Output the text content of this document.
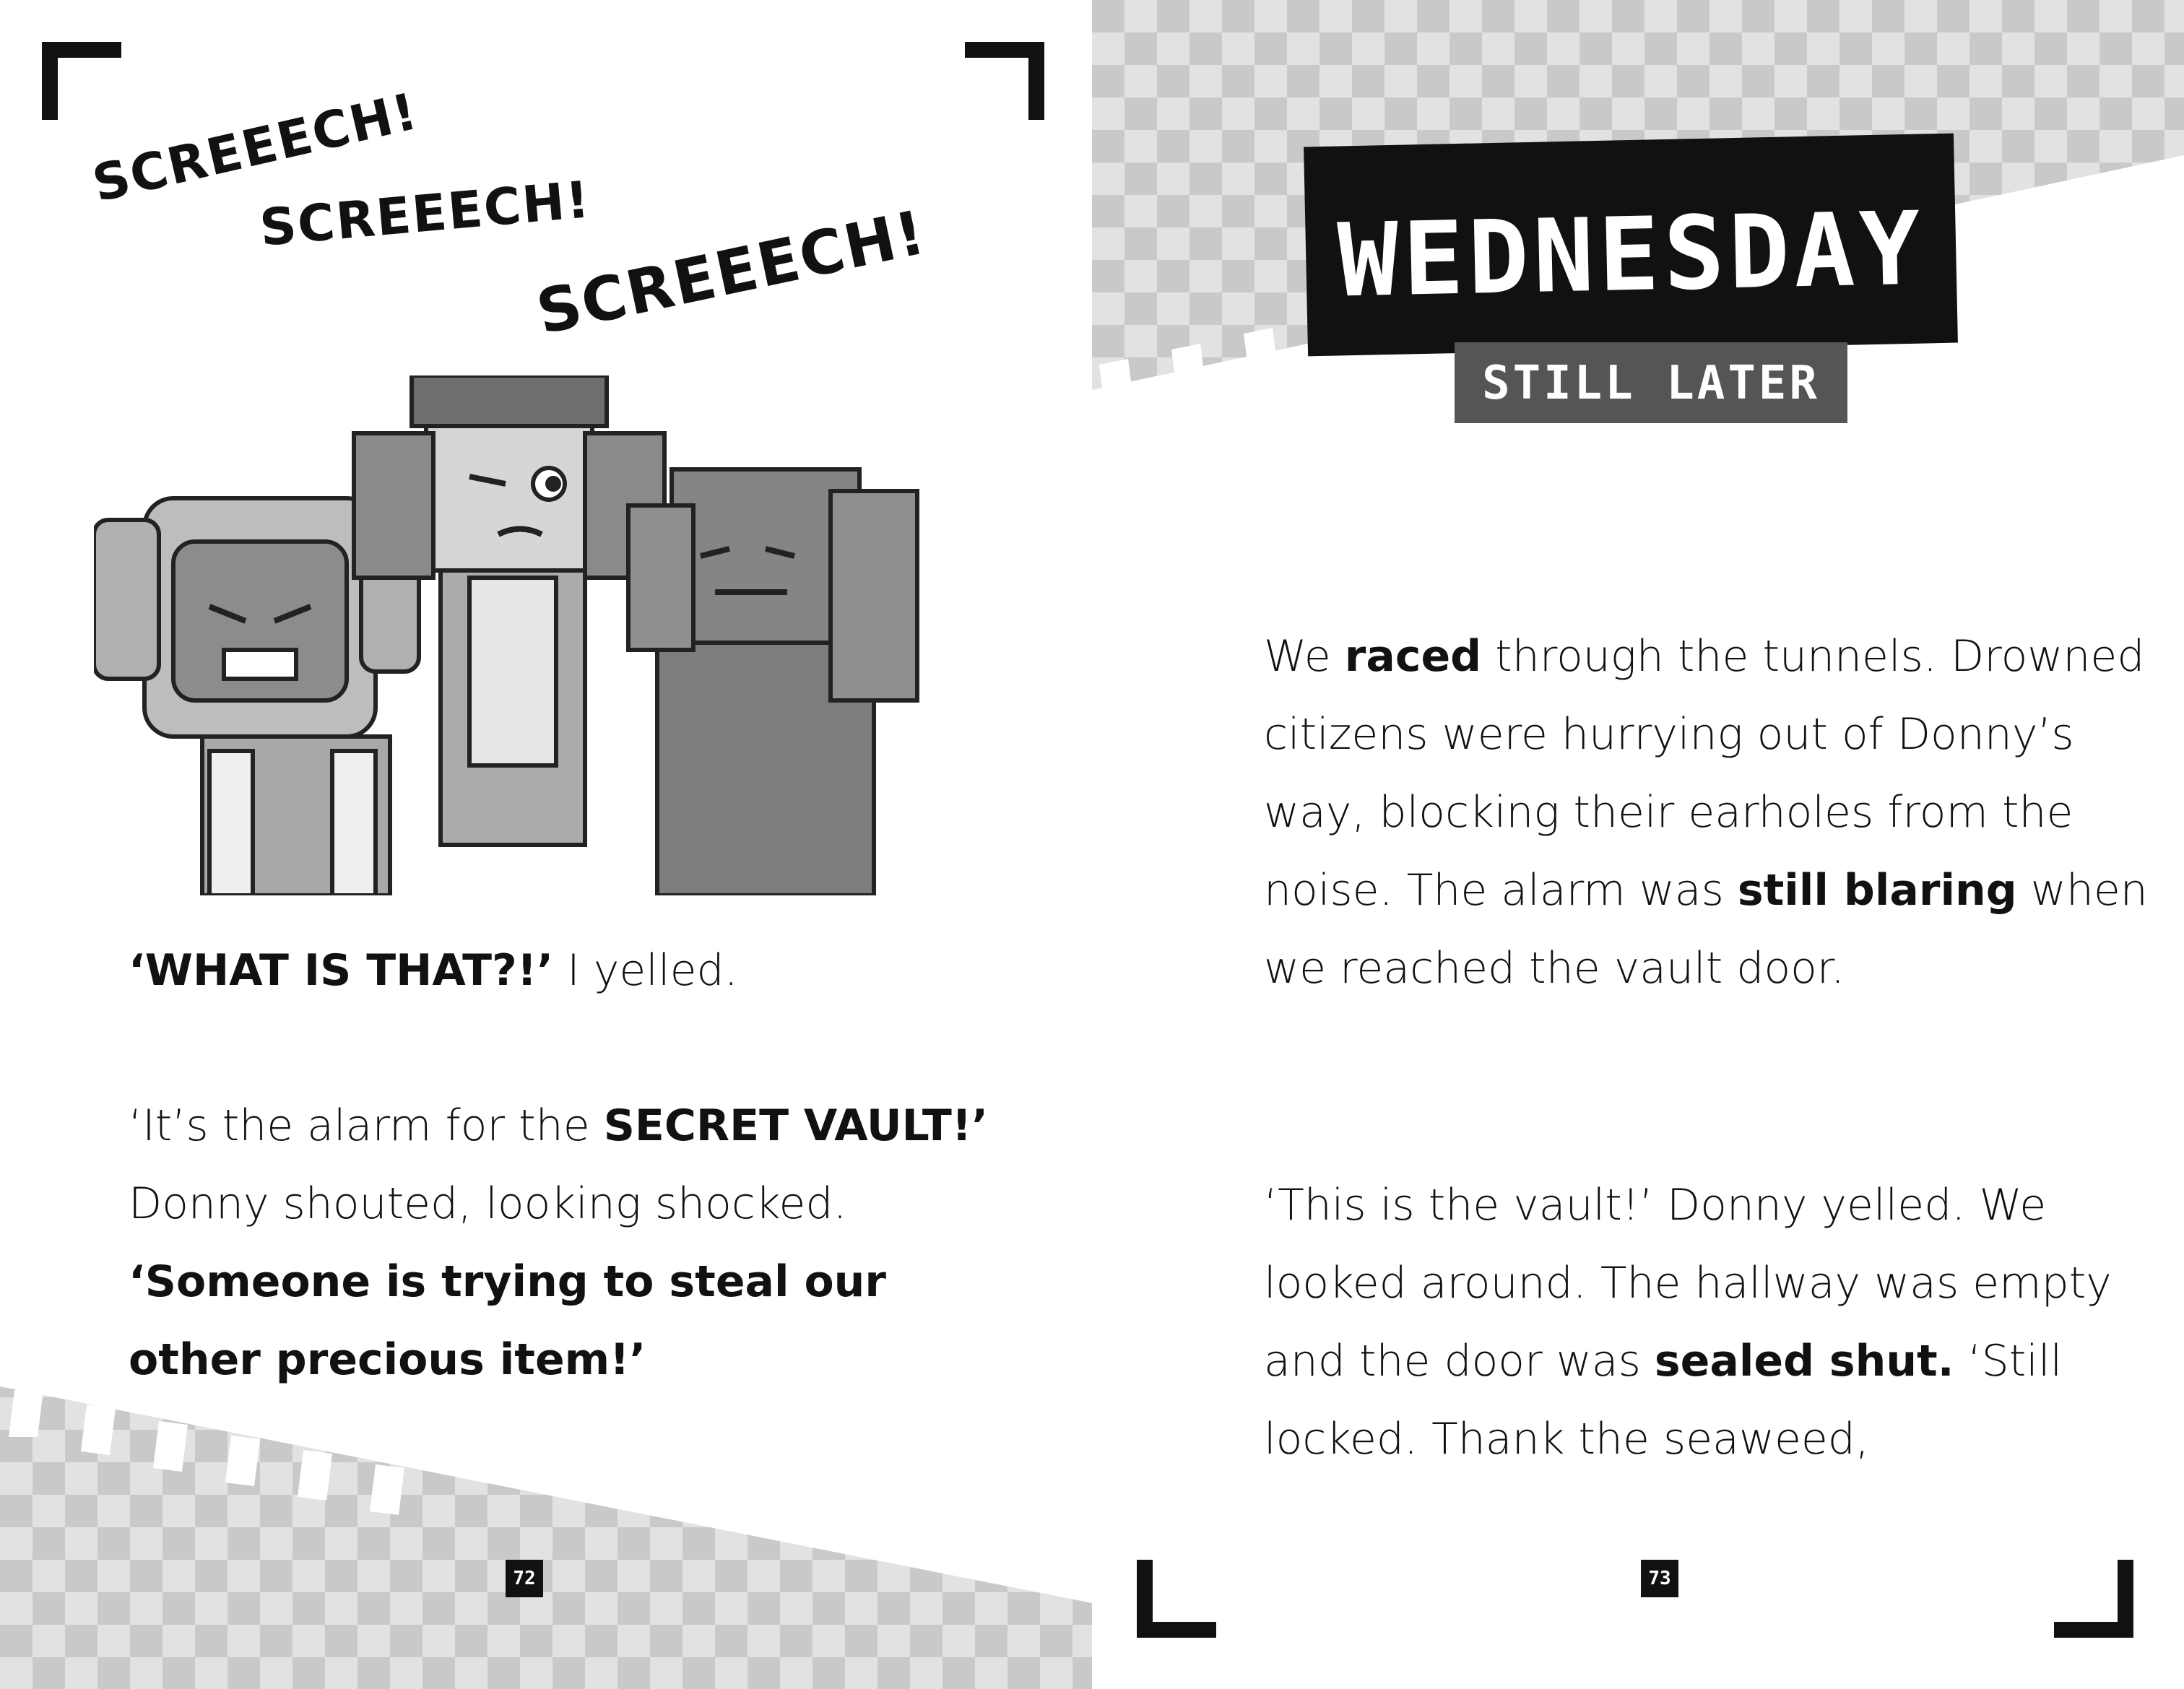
SCREEECH!
SCREEECH!
SCREEECH!
‘WHAT IS THAT?!’ I yelled.
‘It’s the alarm for the SECRET VAULT!’ Donny shouted, looking shocked. ‘Someone is trying to steal our other precious item!’
72
WEDNESDAY
STILL LATER
We raced through the tunnels. Drowned citizens were hurrying out of Donny’s way, blocking their earholes from the noise. The alarm was still blaring when we reached the vault door.
‘This is the vault!’ Donny yelled. We looked around. The hallway was empty and the door was sealed shut. ‘Still locked. Thank the seaweed,
73
